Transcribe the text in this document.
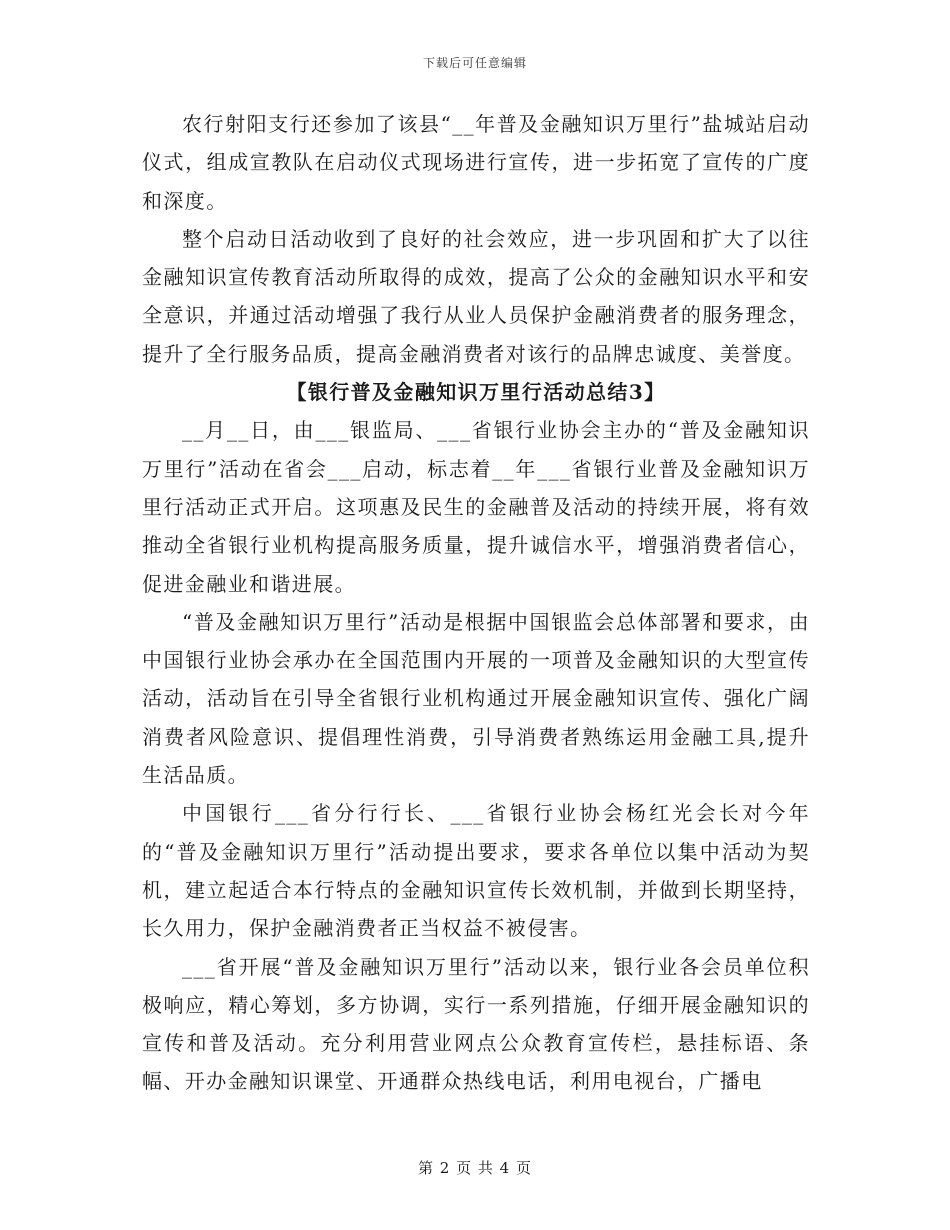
下载后可任意编辑

农行射阳支行还参加了该县“__年普及金融知识万里行”盐城站启动仪式，组成宣教队在启动仪式现场进行宣传，进一步拓宽了宣传的广度和深度。

整个启动日活动收到了良好的社会效应，进一步巩固和扩大了以往金融知识宣传教育活动所取得的成效，提高了公众的金融知识水平和安全意识，并通过活动增强了我行从业人员保护金融消费者的服务理念，提升了全行服务品质，提高金融消费者对该行的品牌忠诚度、美誉度。

【银行普及金融知识万里行活动总结3】

__月__日，由___银监局、___省银行业协会主办的“普及金融知识万里行”活动在省会___启动，标志着__年___省银行业普及金融知识万里行活动正式开启。这项惠及民生的金融普及活动的持续开展，将有效推动全省银行业机构提高服务质量，提升诚信水平，增强消费者信心，促进金融业和谐进展。

“普及金融知识万里行”活动是根据中国银监会总体部署和要求，由中国银行业协会承办在全国范围内开展的一项普及金融知识的大型宣传活动，活动旨在引导全省银行业机构通过开展金融知识宣传、强化广阔消费者风险意识、提倡理性消费，引导消费者熟练运用金融工具,提升生活品质。

中国银行___省分行行长、___省银行业协会杨红光会长对今年的“普及金融知识万里行”活动提出要求，要求各单位以集中活动为契机，建立起适合本行特点的金融知识宣传长效机制，并做到长期坚持，长久用力，保护金融消费者正当权益不被侵害。

___省开展“普及金融知识万里行”活动以来，银行业各会员单位积极响应，精心筹划，多方协调，实行一系列措施，仔细开展金融知识的宣传和普及活动。充分利用营业网点公众教育宣传栏，悬挂标语、条幅、开办金融知识课堂、开通群众热线电话，利用电视台，广播电

第 2 页 共 4 页
